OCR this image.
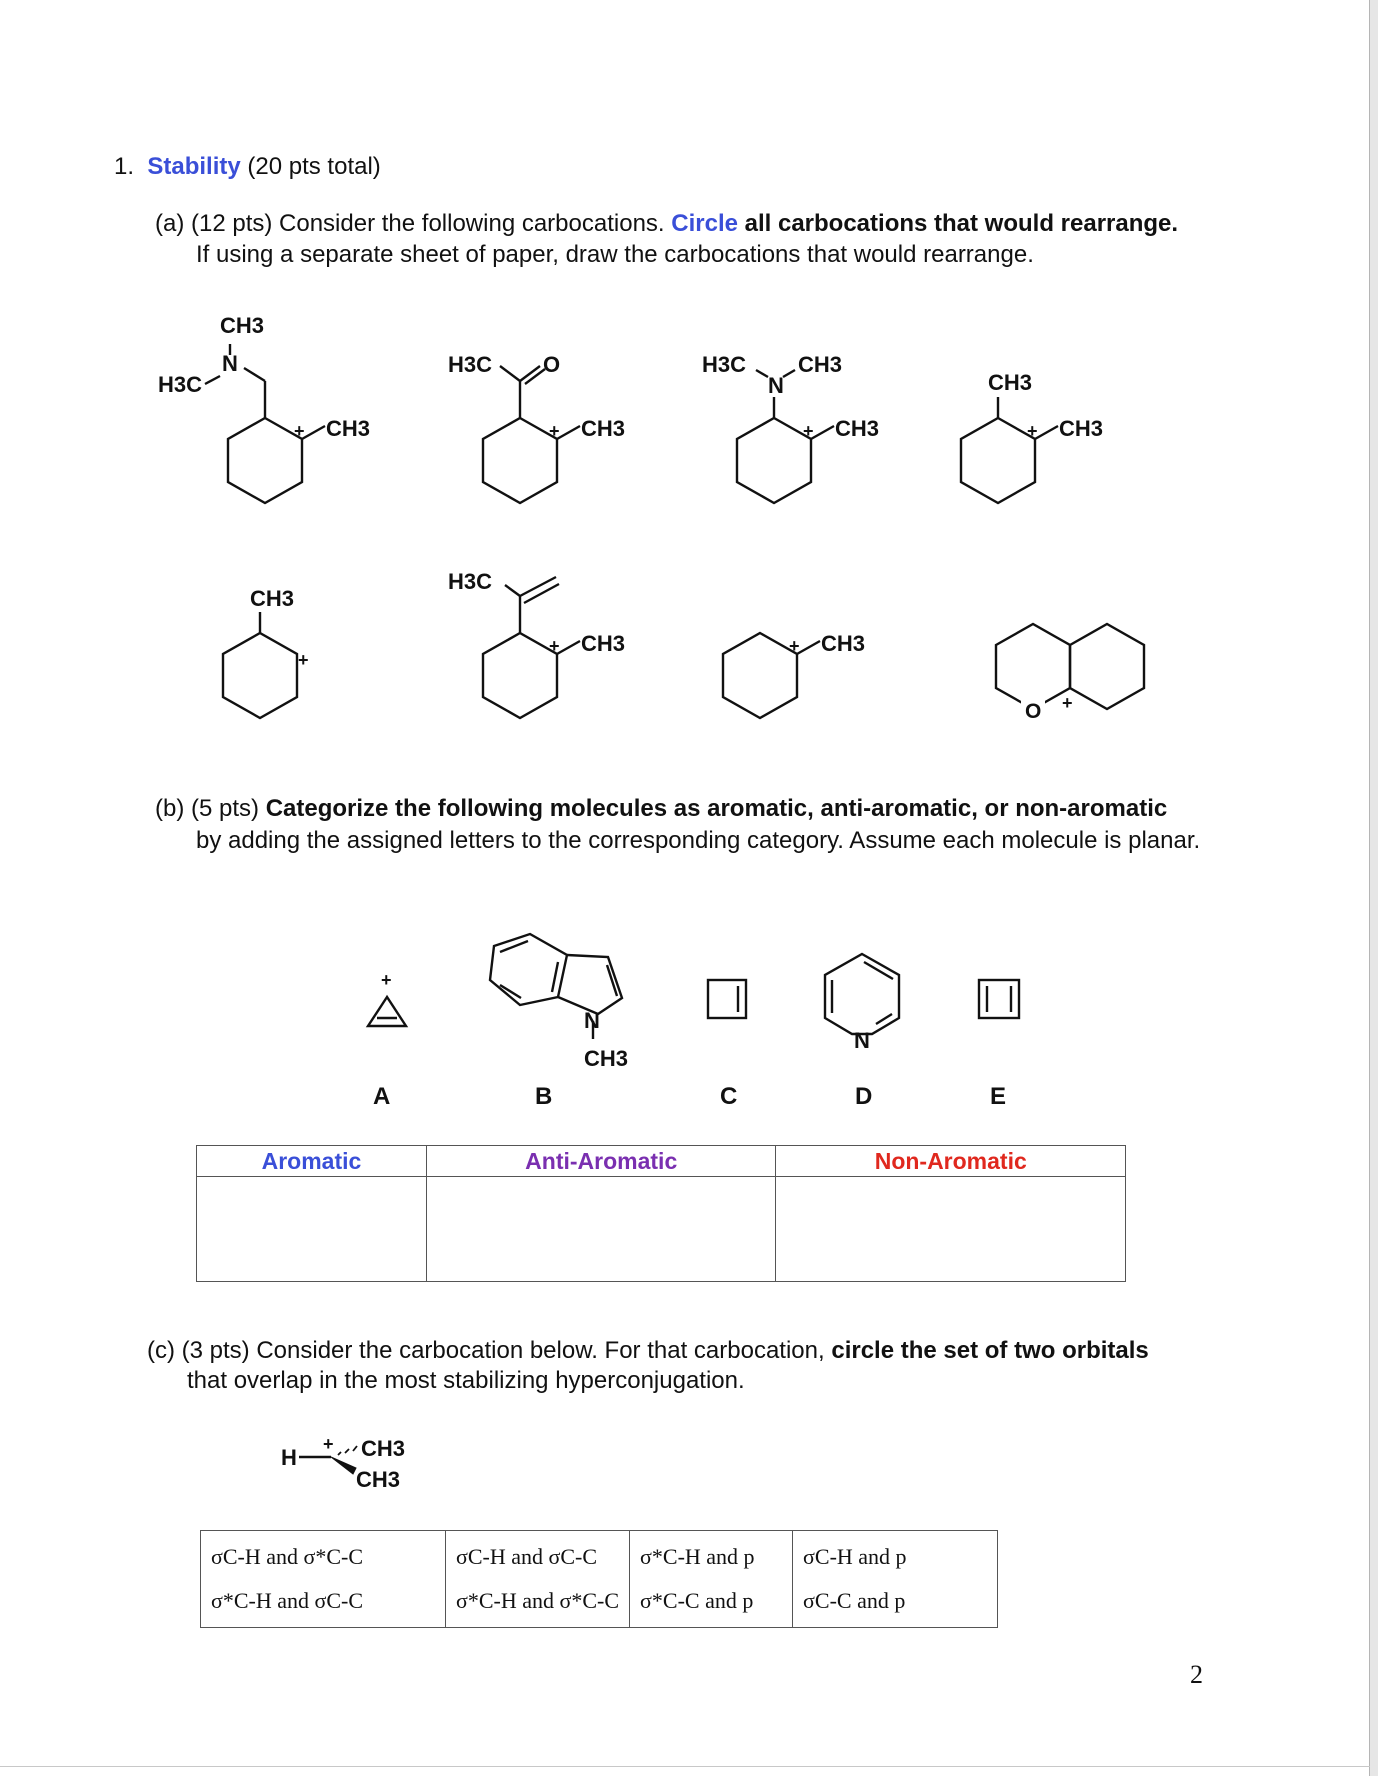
1. Stability (20 pts total)
(a) (12 pts) Consider the following carbocations. Circle all carbocations that would rearrange.
If using a separate sheet of paper, draw the carbocations that would rearrange.
CH3
N
H3C
+ CH3
H3C O
+ CH3
H3C
N
CH3
+ CH3
CH3
+ CH3
CH3
+
H3C
+ CH3	+ CH3
O +
(b) (5 pts) Categorize the following molecules as aromatic, anti-aromatic, or non-aromatic
by adding the assigned letters to the corresponding category. Assume each molecule is planar.
+
N
CH3
N
A	B	C	D	E
Aromatic	Anti-Aromatic	Non-Aromatic

(c) (3 pts) Consider the carbocation below. For that carbocation, circle the set of two orbitals
that overlap in the most stabilizing hyperconjugation.
H
+ CH3
CH3
σC-H and σ*C-C
σ*C-H and σC-C

σC-H and σC-C
σ*C-H and σ*C-C

σ*C-H and p
σ*C-C and p

σC-H and p
σC-C and p
2
